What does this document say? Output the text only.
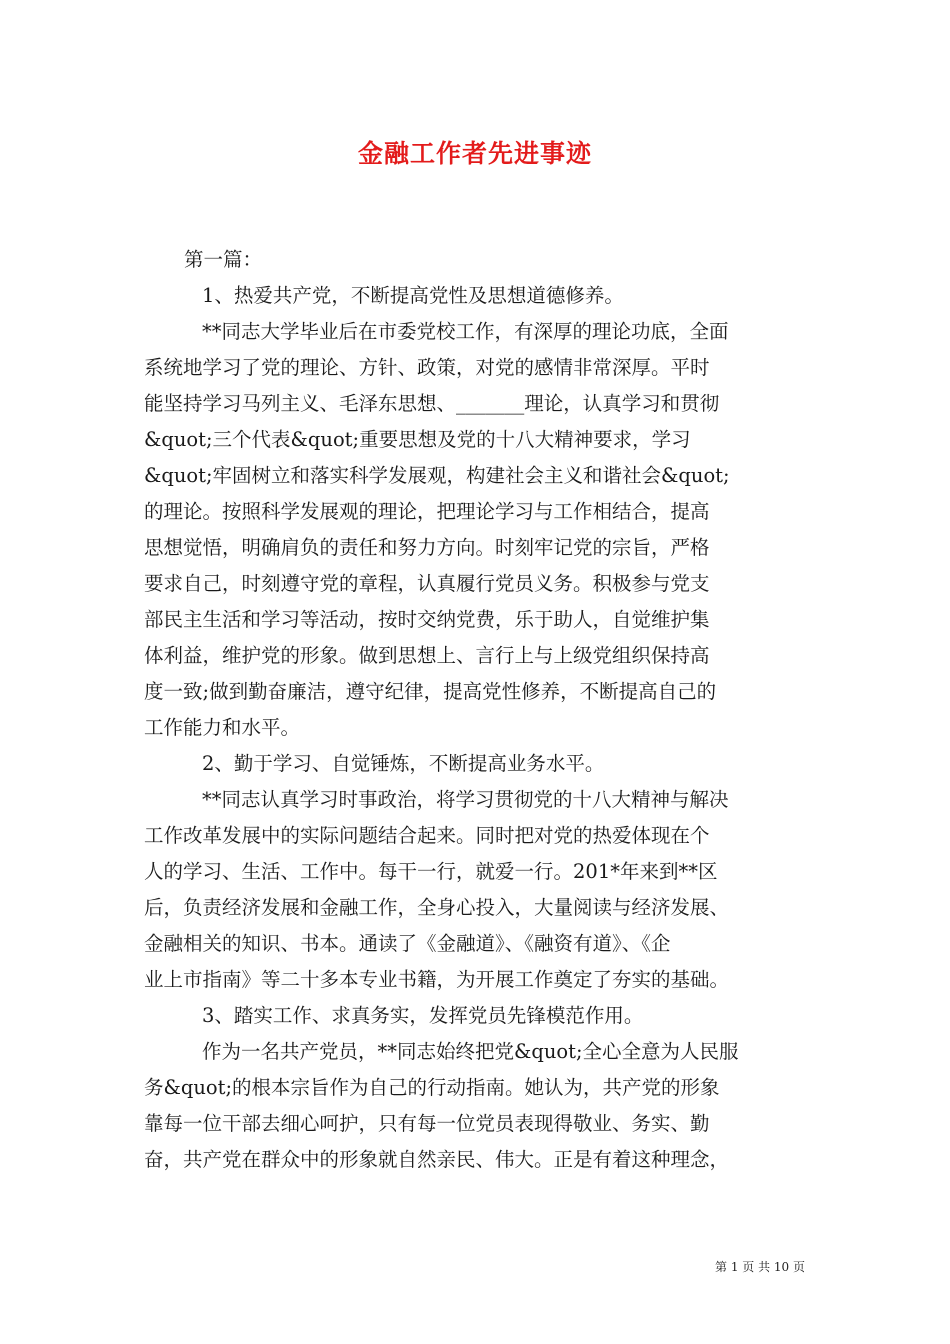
金融工作者先进事迹
第一篇：
1、热爱共产党，不断提高党性及思想道德修养。
**同志大学毕业后在市委党校工作，有深厚的理论功底，全面
系统地学习了党的理论、方针、政策，对党的感情非常深厚。平时
能坚持学习马列主义、毛泽东思想、_______理论，认真学习和贯彻
&quot;三个代表&quot;重要思想及党的十八大精神要求，学习
&quot;牢固树立和落实科学发展观，构建社会主义和谐社会&quot;
的理论。按照科学发展观的理论，把理论学习与工作相结合，提高
思想觉悟，明确肩负的责任和努力方向。时刻牢记党的宗旨，严格
要求自己，时刻遵守党的章程，认真履行党员义务。积极参与党支
部民主生活和学习等活动，按时交纳党费，乐于助人，自觉维护集
体利益，维护党的形象。做到思想上、言行上与上级党组织保持高
度一致;做到勤奋廉洁，遵守纪律，提高党性修养，不断提高自己的
工作能力和水平。
2、勤于学习、自觉锤炼，不断提高业务水平。
**同志认真学习时事政治，将学习贯彻党的十八大精神与解决
工作改革发展中的实际问题结合起来。同时把对党的热爱体现在个
人的学习、生活、工作中。每干一行，就爱一行。201*年来到**区
后，负责经济发展和金融工作，全身心投入，大量阅读与经济发展、
金融相关的知识、书本。通读了《金融道》、《融资有道》、《企
业上市指南》等二十多本专业书籍，为开展工作奠定了夯实的基础。
3、踏实工作、求真务实，发挥党员先锋模范作用。
作为一名共产党员，**同志始终把党&quot;全心全意为人民服
务&quot;的根本宗旨作为自己的行动指南。她认为，共产党的形象
靠每一位干部去细心呵护，只有每一位党员表现得敬业、务实、勤
奋，共产党在群众中的形象就自然亲民、伟大。正是有着这种理念，
第 1 页 共 10 页
